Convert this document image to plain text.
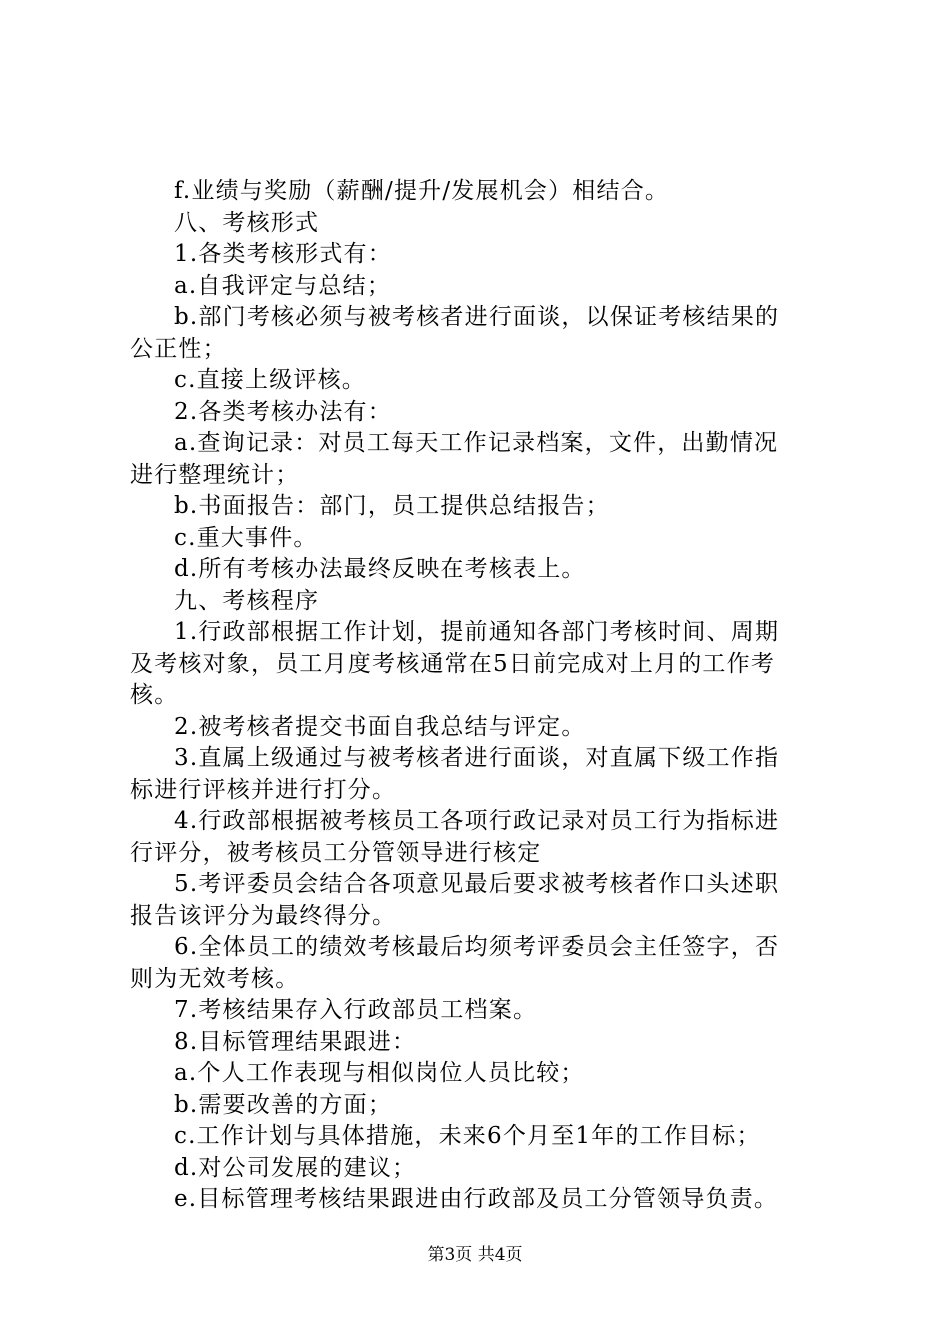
f.业绩与奖励（薪酬/提升/发展机会）相结合。
八、考核形式
1.各类考核形式有：
a.自我评定与总结；
b.部门考核必须与被考核者进行面谈，以保证考核结果的
公正性；
c.直接上级评核。
2.各类考核办法有：
a.查询记录：对员工每天工作记录档案，文件，出勤情况
进行整理统计；
b.书面报告：部门，员工提供总结报告；
c.重大事件。
d.所有考核办法最终反映在考核表上。
九、考核程序
1.行政部根据工作计划，提前通知各部门考核时间、周期
及考核对象，员工月度考核通常在5日前完成对上月的工作考
核。
2.被考核者提交书面自我总结与评定。
3.直属上级通过与被考核者进行面谈，对直属下级工作指
标进行评核并进行打分。
4.行政部根据被考核员工各项行政记录对员工行为指标进
行评分，被考核员工分管领导进行核定
5.考评委员会结合各项意见最后要求被考核者作口头述职
报告该评分为最终得分。
6.全体员工的绩效考核最后均须考评委员会主任签字，否
则为无效考核。
7.考核结果存入行政部员工档案。
8.目标管理结果跟进：
a.个人工作表现与相似岗位人员比较；
b.需要改善的方面；
c.工作计划与具体措施，未来6个月至1年的工作目标；
d.对公司发展的建议；
e.目标管理考核结果跟进由行政部及员工分管领导负责。
第3页 共4页
